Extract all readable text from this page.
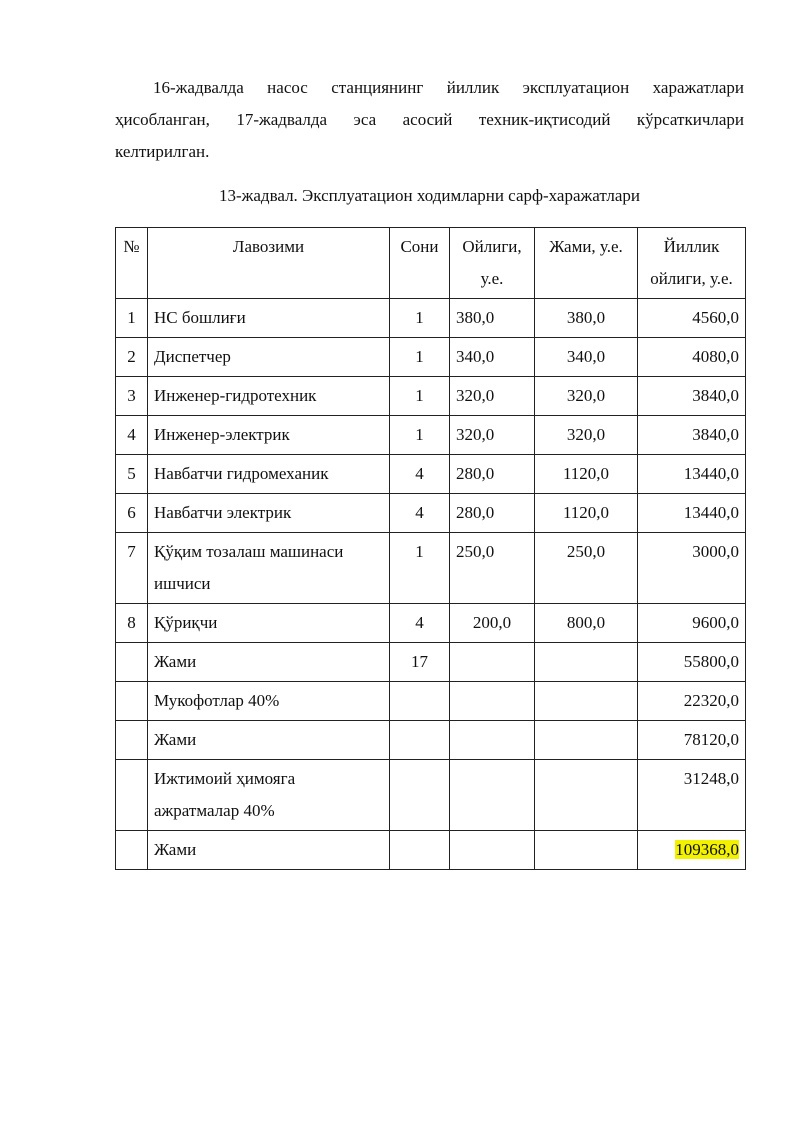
16-жадвалда насос станциянинг йиллик эксплуатацион харажатлари
ҳисобланган, 17-жадвалда эса асосий техник-иқтисодий кўрсаткичлари
келтирилган.

13-жадвал. Эксплуатацион ходимларни сарф-харажатлари

№	Лавозими	Сони	Ойлиги, у.е.	Жами, у.е.	Йиллик ойлиги, у.е.
1	НС бошлиғи	1	380,0	380,0	4560,0
2	Диспетчер	1	340,0	340,0	4080,0
3	Инженер-гидротехник	1	320,0	320,0	3840,0
4	Инженер-электрик	1	320,0	320,0	3840,0
5	Навбатчи гидромеханик	4	280,0	1120,0	13440,0
6	Навбатчи электрик	4	280,0	1120,0	13440,0
7	Қўқим тозалаш машинаси ишчиси	1	250,0	250,0	3000,0
8	Қўриқчи	4	200,0	800,0	9600,0
	Жами	17			55800,0
	Мукофотлар 40%				22320,0
	Жами				78120,0
	Ижтимоий ҳимояга ажратмалар 40%				31248,0
	Жами				109368,0
